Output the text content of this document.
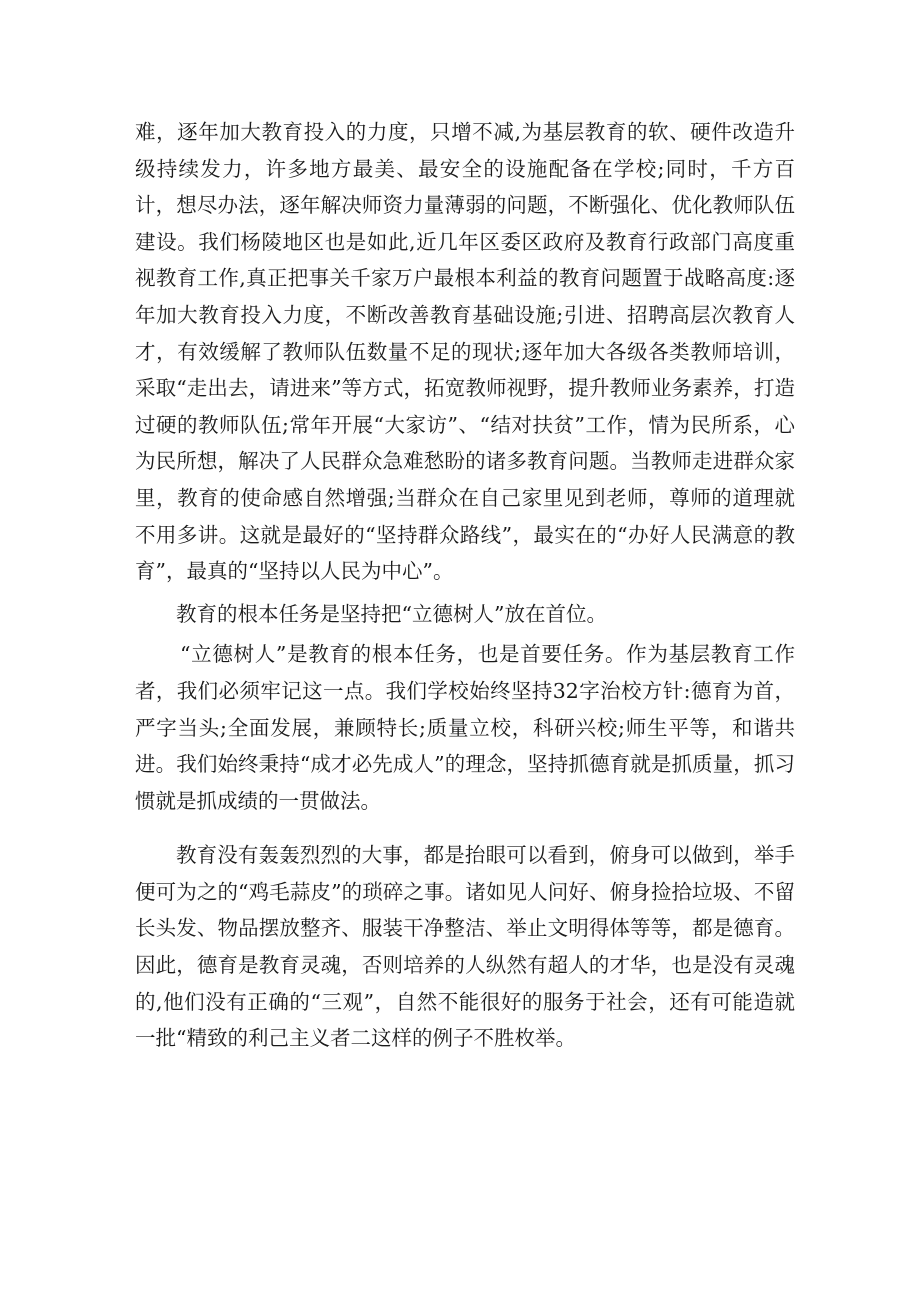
难，逐年加大教育投入的力度，只增不减,为基层教育的软、硬件改造升级持续发力，许多地方最美、最安全的设施配备在学校;同时，千方百计，想尽办法，逐年解决师资力量薄弱的问题，不断强化、优化教师队伍建设。我们杨陵地区也是如此,近几年区委区政府及教育行政部门高度重视教育工作,真正把事关千家万户最根本利益的教育问题置于战略高度:逐年加大教育投入力度，不断改善教育基础设施;引进、招聘高层次教育人才，有效缓解了教师队伍数量不足的现状;逐年加大各级各类教师培训，采取“走出去，请进来”等方式，拓宽教师视野，提升教师业务素养，打造过硬的教师队伍;常年开展“大家访”、“结对扶贫”工作，情为民所系，心为民所想，解决了人民群众急难愁盼的诸多教育问题。当教师走进群众家里，教育的使命感自然增强;当群众在自己家里见到老师，尊师的道理就不用多讲。这就是最好的“坚持群众路线”，最实在的“办好人民满意的教育”，最真的“坚持以人民为中心”。

教育的根本任务是坚持把“立德树人”放在首位。

“立德树人”是教育的根本任务，也是首要任务。作为基层教育工作者，我们必须牢记这一点。我们学校始终坚持32字治校方针:德育为首，严字当头;全面发展，兼顾特长;质量立校，科研兴校;师生平等，和谐共进。我们始终秉持“成才必先成人”的理念，坚持抓德育就是抓质量，抓习惯就是抓成绩的一贯做法。

教育没有轰轰烈烈的大事，都是抬眼可以看到，俯身可以做到，举手便可为之的“鸡毛蒜皮”的琐碎之事。诸如见人问好、俯身捡拾垃圾、不留长头发、物品摆放整齐、服装干净整洁、举止文明得体等等，都是德育。因此，德育是教育灵魂，否则培养的人纵然有超人的才华，也是没有灵魂的,他们没有正确的“三观”，自然不能很好的服务于社会，还有可能造就一批“精致的利己主义者二这样的例子不胜枚举。
